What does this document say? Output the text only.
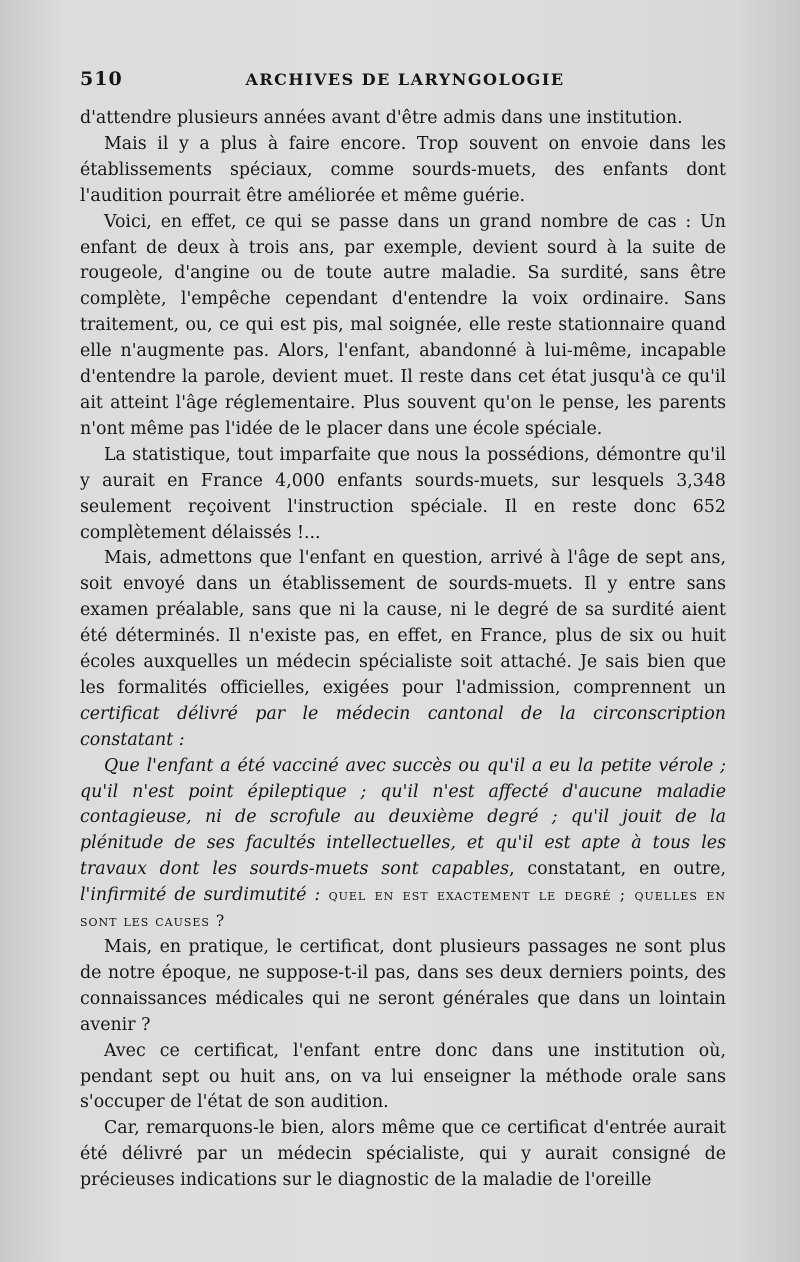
510	ARCHIVES DE LARYNGOLOGIE

d'attendre plusieurs années avant d'être admis dans une institution.

Mais il y a plus à faire encore. Trop souvent on envoie dans les établissements spéciaux, comme sourds-muets, des enfants dont l'audition pourrait être améliorée et même guérie.

Voici, en effet, ce qui se passe dans un grand nombre de cas : Un enfant de deux à trois ans, par exemple, devient sourd à la suite de rougeole, d'angine ou de toute autre maladie. Sa surdité, sans être complète, l'empêche cependant d'entendre la voix ordinaire. Sans traitement, ou, ce qui est pis, mal soignée, elle reste stationnaire quand elle n'augmente pas. Alors, l'enfant, abandonné à lui-même, incapable d'entendre la parole, devient muet. Il reste dans cet état jusqu'à ce qu'il ait atteint l'âge réglementaire. Plus souvent qu'on le pense, les parents n'ont même pas l'idée de le placer dans une école spéciale.

La statistique, tout imparfaite que nous la possédions, démontre qu'il y aurait en France 4,000 enfants sourds-muets, sur lesquels 3,348 seulement reçoivent l'instruction spéciale. Il en reste donc 652 complètement délaissés !...

Mais, admettons que l'enfant en question, arrivé à l'âge de sept ans, soit envoyé dans un établissement de sourds-muets. Il y entre sans examen préalable, sans que ni la cause, ni le degré de sa surdité aient été déterminés. Il n'existe pas, en effet, en France, plus de six ou huit écoles auxquelles un médecin spécialiste soit attaché. Je sais bien que les formalités officielles, exigées pour l'admission, comprennent un certificat délivré par le médecin cantonal de la circonscription constatant :

Que l'enfant a été vacciné avec succès ou qu'il a eu la petite vérole ; qu'il n'est point épileptique ; qu'il n'est affecté d'aucune maladie contagieuse, ni de scrofule au deuxième degré ; qu'il jouit de la plénitude de ses facultés intellectuelles, et qu'il est apte à tous les travaux dont les sourds-muets sont capables, constatant, en outre, l'infirmité de surdimutité : quel en est exactement le degré ; quelles en sont les causes ?

Mais, en pratique, le certificat, dont plusieurs passages ne sont plus de notre époque, ne suppose-t-il pas, dans ses deux derniers points, des connaissances médicales qui ne seront générales que dans un lointain avenir ?

Avec ce certificat, l'enfant entre donc dans une institution où, pendant sept ou huit ans, on va lui enseigner la méthode orale sans s'occuper de l'état de son audition.

Car, remarquons-le bien, alors même que ce certificat d'entrée aurait été délivré par un médecin spécialiste, qui y aurait consigné de précieuses indications sur le diagnostic de la maladie de l'oreille
